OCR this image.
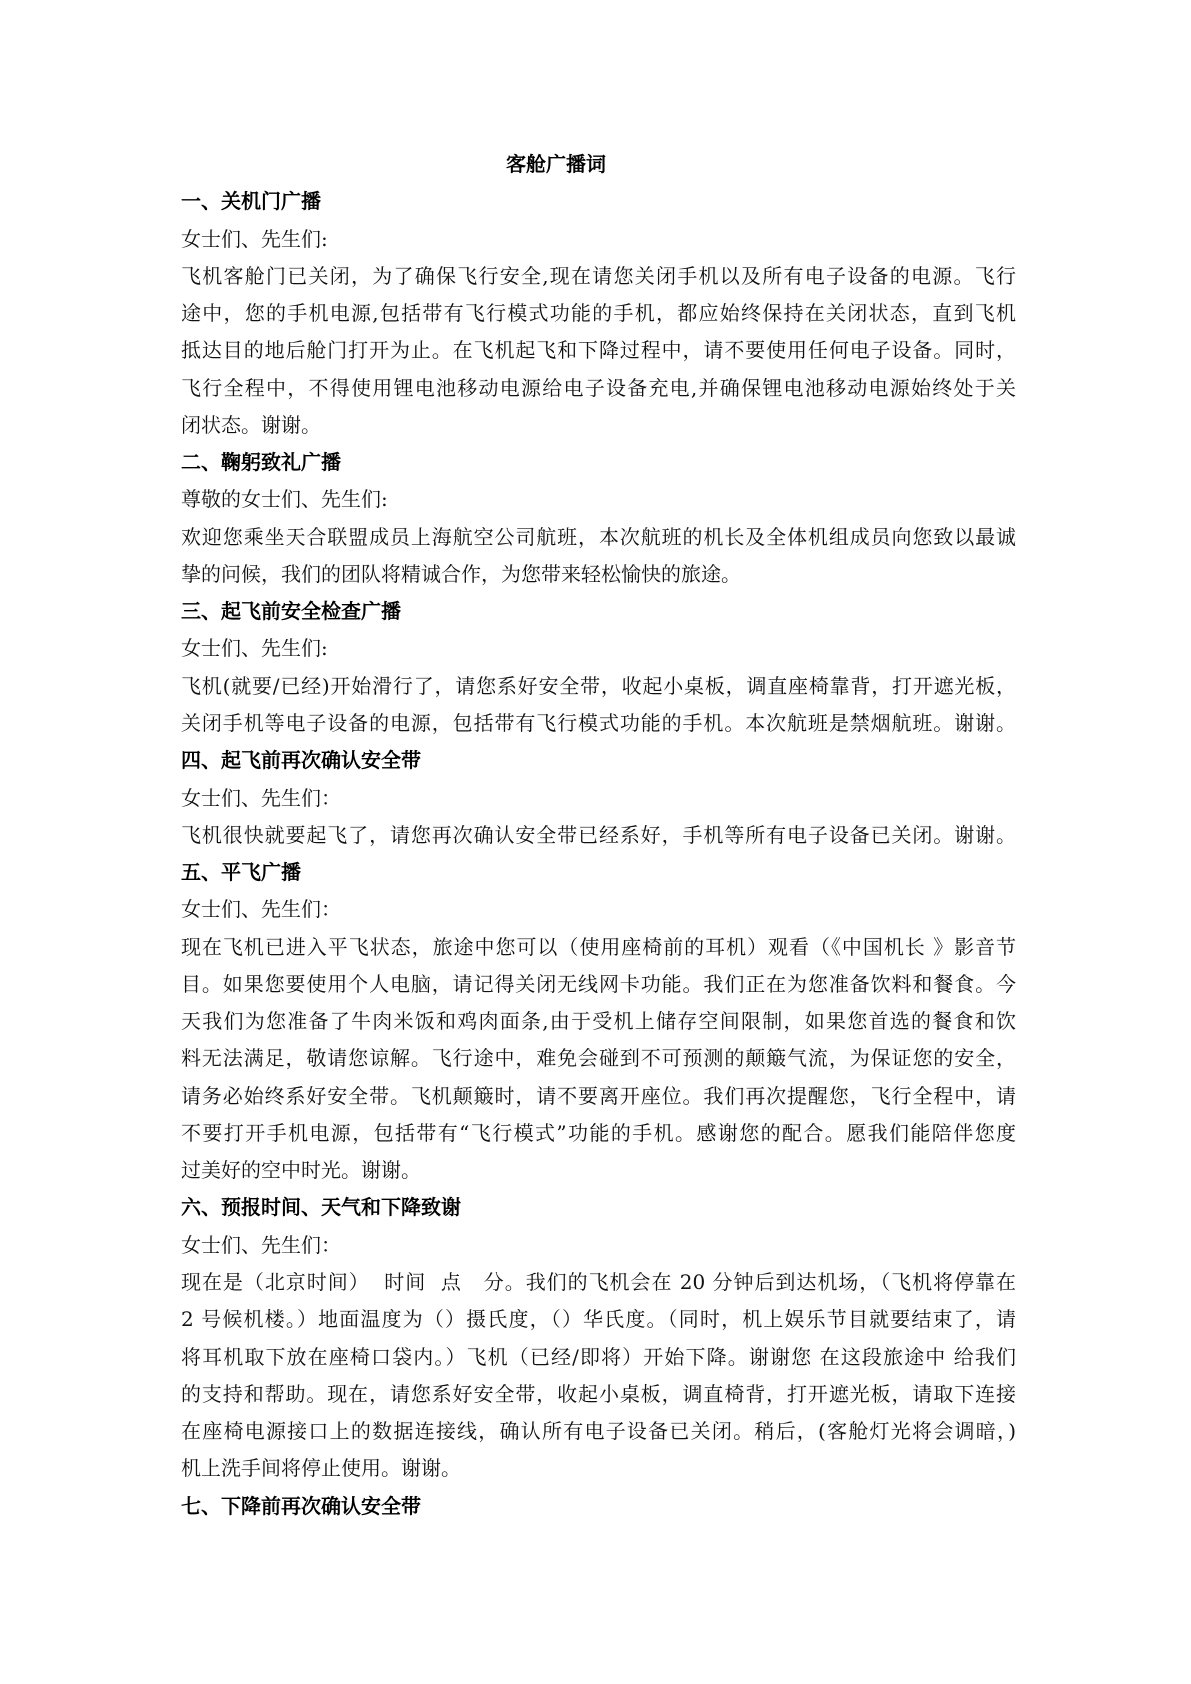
客舱广播词
一、关机门广播
女士们、先生们:
飞机客舱门已关闭，为了确保飞行安全,现在请您关闭手机以及所有电子设备的电源。飞行
途中，您的手机电源,包括带有飞行模式功能的手机，都应始终保持在关闭状态，直到飞机
抵达目的地后舱门打开为止。在飞机起飞和下降过程中，请不要使用任何电子设备。同时，
飞行全程中，不得使用锂电池移动电源给电子设备充电,并确保锂电池移动电源始终处于关
闭状态。谢谢。
二、鞠躬致礼广播
尊敬的女士们、先生们:
欢迎您乘坐天合联盟成员上海航空公司航班，本次航班的机长及全体机组成员向您致以最诚
挚的问候，我们的团队将精诚合作，为您带来轻松愉快的旅途。
三、起飞前安全检查广播
女士们、先生们:
飞机(就要/已经)开始滑行了，请您系好安全带，收起小桌板，调直座椅靠背，打开遮光板，
关闭手机等电子设备的电源，包括带有飞行模式功能的手机。本次航班是禁烟航班。谢谢。
四、起飞前再次确认安全带
女士们、先生们：
飞机很快就要起飞了，请您再次确认安全带已经系好，手机等所有电子设备已关闭。谢谢。
五、平飞广播
女士们、先生们：
现在飞机已进入平飞状态，旅途中您可以（使用座椅前的耳机）观看（《中国机长 》影音节
目。如果您要使用个人电脑，请记得关闭无线网卡功能。我们正在为您准备饮料和餐食。今
天我们为您准备了牛肉米饭和鸡肉面条,由于受机上储存空间限制，如果您首选的餐食和饮
料无法满足，敬请您谅解。飞行途中，难免会碰到不可预测的颠簸气流，为保证您的安全，
请务必始终系好安全带。飞机颠簸时，请不要离开座位。我们再次提醒您，飞行全程中，请
不要打开手机电源，包括带有“飞行模式”功能的手机。感谢您的配合。愿我们能陪伴您度
过美好的空中时光。谢谢。
六、预报时间、天气和下降致谢
女士们、先生们：
现在是（北京时间）  时间  点   分。我们的飞机会在 20 分钟后到达机场，（飞机将停靠在
2 号候机楼。）地面温度为（）摄氏度，（）华氏度。（同时，机上娱乐节目就要结束了，请
将耳机取下放在座椅口袋内。）飞机（已经/即将）开始下降。谢谢您 在这段旅途中 给我们
的支持和帮助。现在，请您系好安全带，收起小桌板，调直椅背，打开遮光板，请取下连接
在座椅电源接口上的数据连接线，确认所有电子设备已关闭。稍后，(客舱灯光将会调暗，)
机上洗手间将停止使用。谢谢。
七、下降前再次确认安全带
